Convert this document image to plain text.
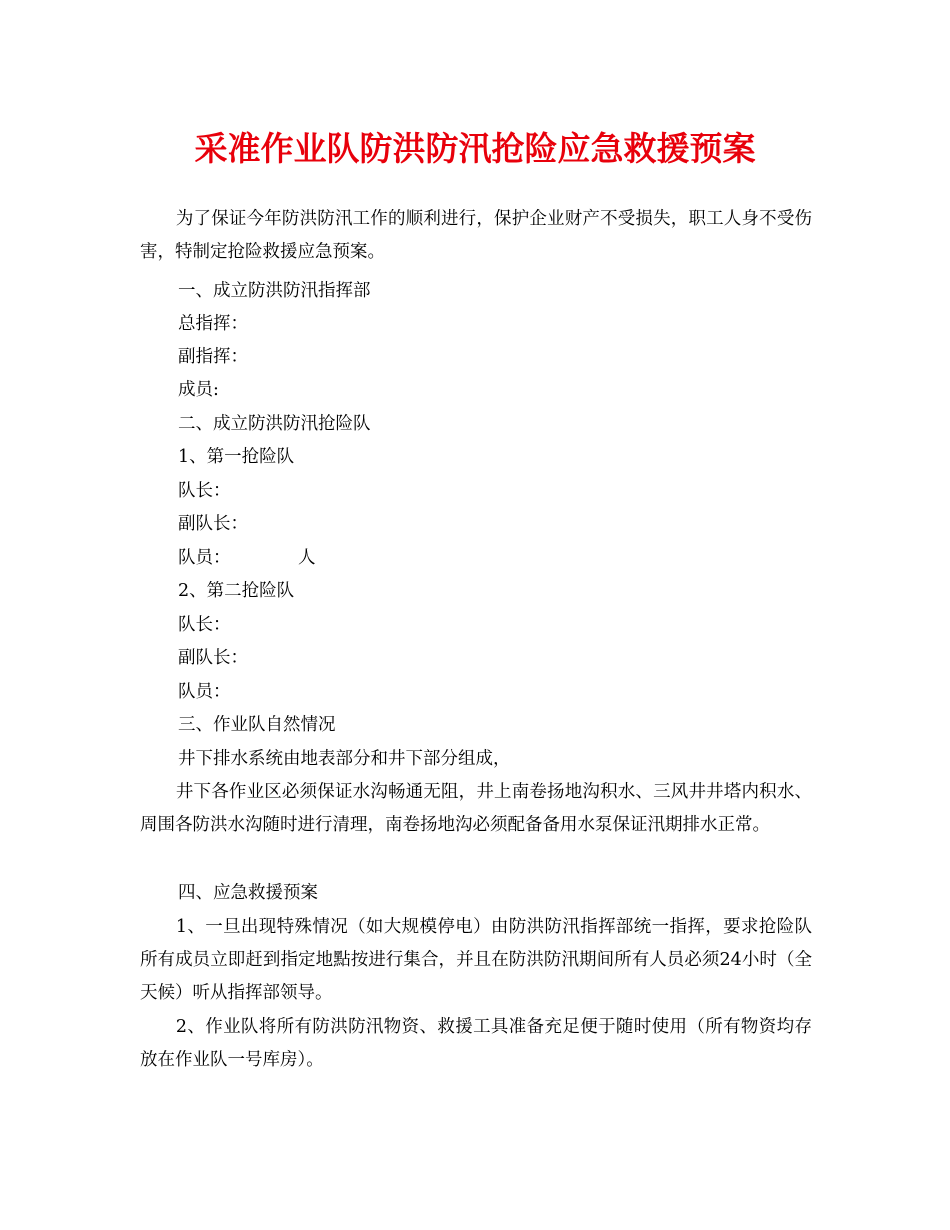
采准作业队防洪防汛抢险应急救援预案

为了保证今年防洪防汛工作的顺利进行，保护企业财产不受损失，职工人身不受伤害，特制定抢险救援应急预案。

一、成立防洪防汛指挥部

总指挥：

副指挥：

成员:

二、成立防洪防汛抢险队

1、第一抢险队

队长：

副队长：

队员：	人

2、第二抢险队

队长：

副队长：

队员：

三、作业队自然情况

井下排水系统由地表部分和井下部分组成，

井下各作业区必须保证水沟畅通无阻，井上南卷扬地沟积水、三风井井塔内积水、周围各防洪水沟随时进行清理，南卷扬地沟必须配备备用水泵保证汛期排水正常。

四、应急救援预案

1、一旦出现特殊情况（如大规模停电）由防洪防汛指挥部统一指挥，要求抢险队所有成员立即赶到指定地點按进行集合，并且在防洪防汛期间所有人员必须24小时（全天候）听从指挥部领导。

2、作业队将所有防洪防汛物资、救援工具准备充足便于随时使用（所有物资均存放在作业队一号库房）。
